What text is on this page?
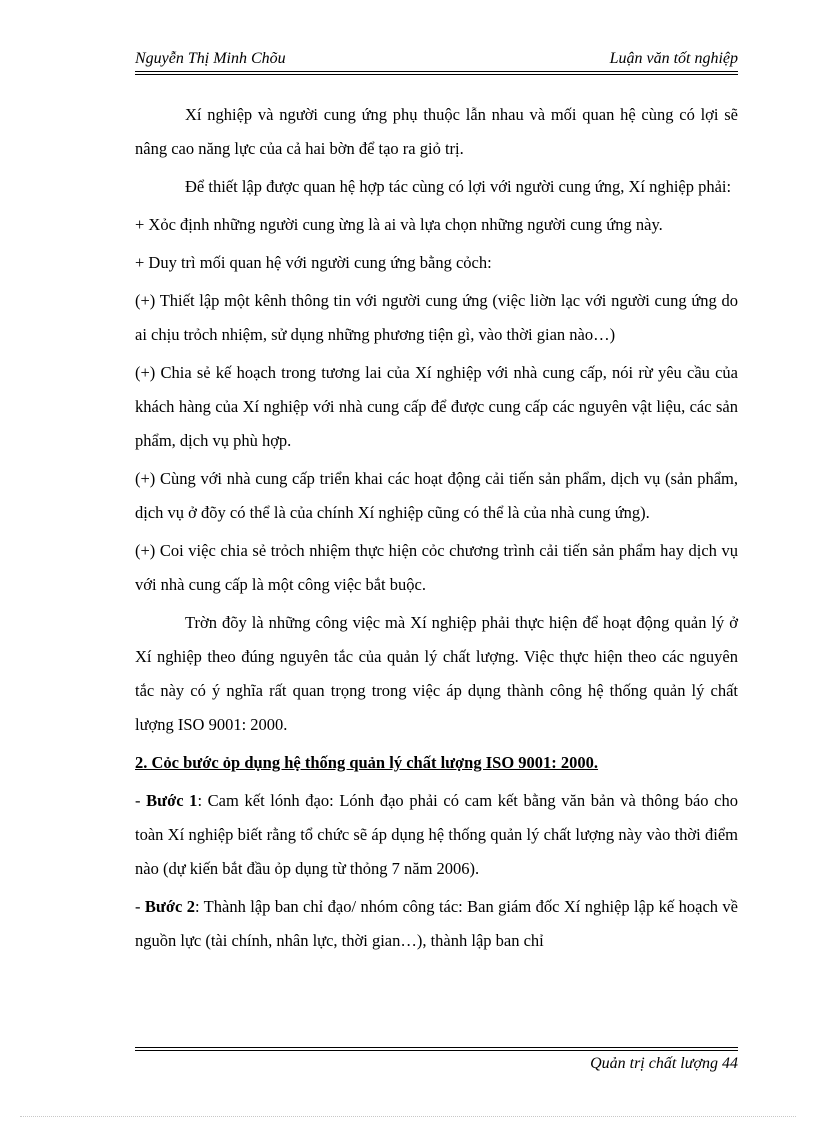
Nguyễn Thị Minh Chõu	Luận văn tốt nghiệp

Xí nghiệp và người cung ứng phụ thuộc lẫn nhau và mối quan hệ cùng có lợi sẽ nâng cao năng lực của cả hai bờn để tạo ra giỏ trị.

Để thiết lập được quan hệ hợp tác cùng có lợi với người cung ứng, Xí nghiệp phải:

+ Xỏc định những người cung ừng là ai và lựa chọn những người cung ứng này.

+ Duy trì mối quan hệ với người cung ứng bằng cỏch:

(+) Thiết lập một kênh thông tin với người cung ứng (việc liờn lạc với người cung ứng do ai chịu trỏch nhiệm, sử dụng những phương tiện gì, vào thời gian nào…)

(+) Chia sẻ kế hoạch trong tương lai của Xí nghiệp với nhà cung cấp, nói rừ yêu cầu của khách hàng của Xí nghiệp với nhà cung cấp để được cung cấp các nguyên vật liệu, các sản phẩm, dịch vụ phù hợp.

(+) Cùng với nhà cung cấp triển khai các hoạt động cải tiến sản phẩm, dịch vụ (sản phẩm, dịch vụ ở đõy có thể là của chính Xí nghiệp cũng có thể là của nhà cung ứng).

(+) Coi việc chia sẻ trỏch nhiệm thực hiện cỏc chương trình cải tiến sản phẩm hay dịch vụ với nhà cung cấp là một công việc bắt buộc.

Trờn đõy là những công việc mà Xí nghiệp phải thực hiện để hoạt động quản lý ở Xí nghiệp theo đúng nguyên tắc của quản lý chất lượng. Việc thực hiện theo các nguyên tắc này có ý nghĩa rất quan trọng trong việc áp dụng thành công hệ thống quản lý chất lượng ISO 9001: 2000.

2. Cỏc bước ỏp dụng hệ thống quản lý chất lượng ISO 9001: 2000.

- Bước 1: Cam kết lónh đạo: Lónh đạo phải có cam kết bằng văn bản và thông báo cho toàn Xí nghiệp biết rằng tổ chức sẽ áp dụng hệ thống quản lý chất lượng này vào thời điểm nào (dự kiến bắt đầu ỏp dụng từ thỏng 7 năm 2006).

- Bước 2: Thành lập ban chỉ đạo/ nhóm công tác: Ban giám đốc Xí nghiệp lập kế hoạch về nguồn lực (tài chính, nhân lực, thời gian…), thành lập ban chỉ

Quản trị chất lượng 44
